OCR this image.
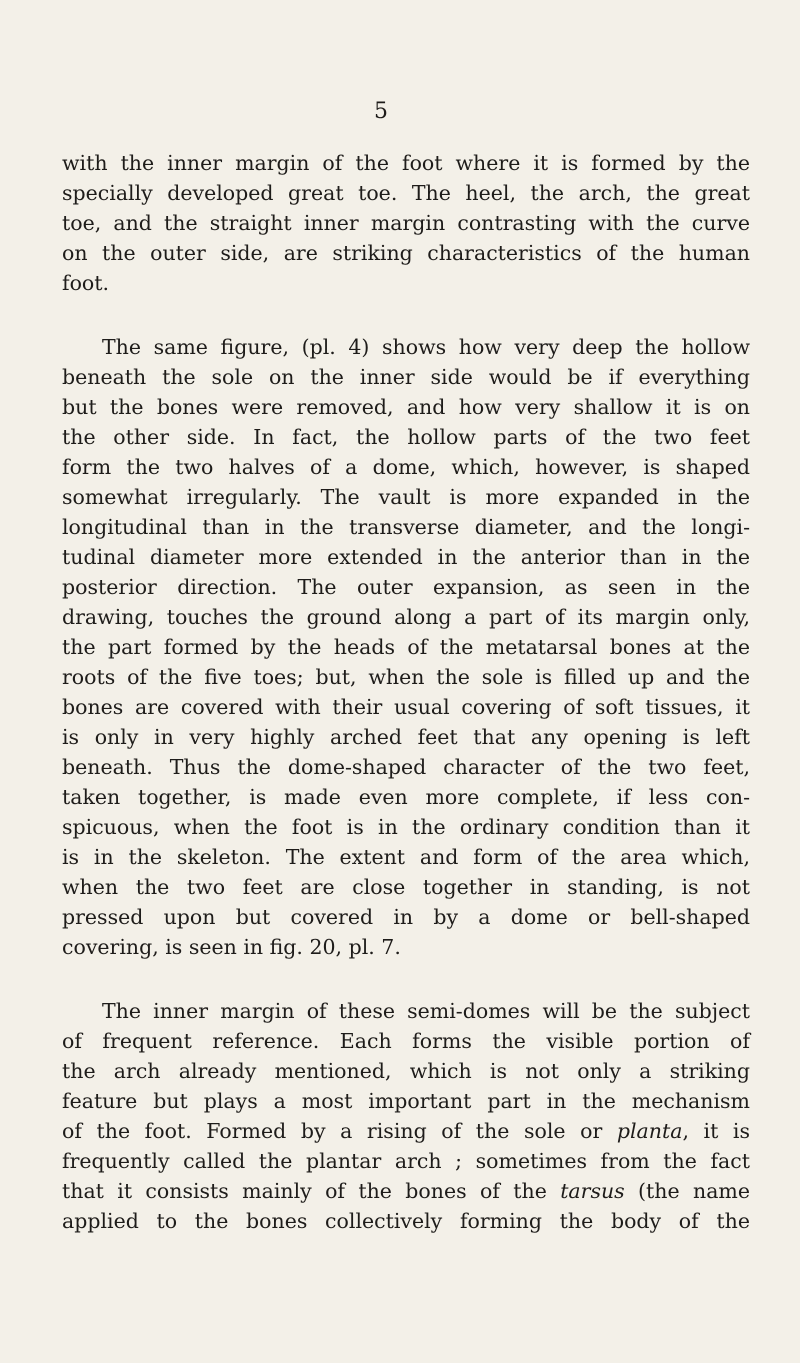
5
with the inner margin of the foot where it is formed by the
specially developed great toe. The heel, the arch, the great
toe, and the straight inner margin contrasting with the curve
on the outer side, are striking characteristics of the human
foot.
The same figure, (pl. 4) shows how very deep the hollow
beneath the sole on the inner side would be if everything
but the bones were removed, and how very shallow it is on
the other side. In fact, the hollow parts of the two feet
form the two halves of a dome, which, however, is shaped
somewhat irregularly. The vault is more expanded in the
longitudinal than in the transverse diameter, and the longi-
tudinal diameter more extended in the anterior than in the
posterior direction. The outer expansion, as seen in the
drawing, touches the ground along a part of its margin only,
the part formed by the heads of the metatarsal bones at the
roots of the five toes; but, when the sole is filled up and the
bones are covered with their usual covering of soft tissues, it
is only in very highly arched feet that any opening is left
beneath. Thus the dome-shaped character of the two feet,
taken together, is made even more complete, if less con-
spicuous, when the foot is in the ordinary condition than it
is in the skeleton. The extent and form of the area which,
when the two feet are close together in standing, is not
pressed upon but covered in by a dome or bell-shaped
covering, is seen in fig. 20, pl. 7.
The inner margin of these semi-domes will be the subject
of frequent reference. Each forms the visible portion of
the arch already mentioned, which is not only a striking
feature but plays a most important part in the mechanism
of the foot. Formed by a rising of the sole or planta, it is
frequently called the plantar arch ; sometimes from the fact
that it consists mainly of the bones of the tarsus (the name
applied to the bones collectively forming the body of the
